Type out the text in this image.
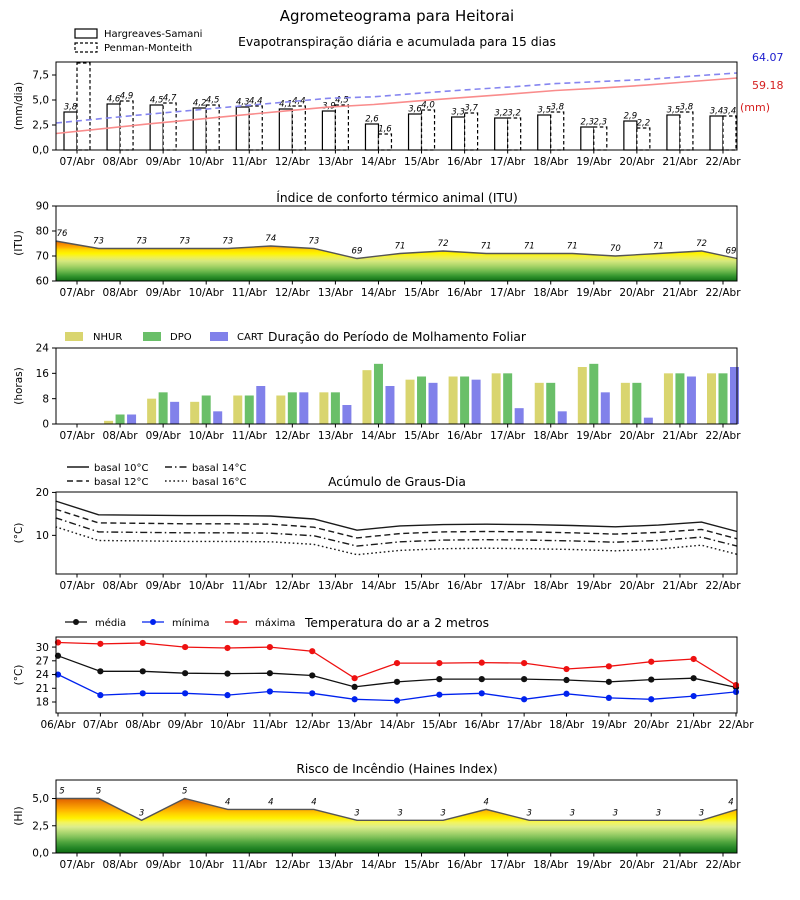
Agrometeograma para Heitorai
Evapotranspiração diária e acumulada para 15 dias
Índice de conforto térmico animal (ITU)
Duração do Período de Molhamento Foliar
Acúmulo de Graus-Dia
Temperatura do ar a 2 metros
Risco de Incêndio (Haines Index)
(mm/dia)
(ITU)
(horas)
(°C)
(°C)
(HI)
64.07
59.18
(mm)
3,8
4,6	4,5	4,2	4,3	4,1	3,9
2,6
3,6	3,3	3,2	3,5
2,3
2,9
3,5	3,4
4,9	4,7	4,5	4,4	4,4	4,5
1,6
4,0	3,7	3,2
3,8
2,3	2,2
3,8	3,4
07/Abr 08/Abr 09/Abr 10/Abr 11/Abr 12/Abr 13/Abr 14/Abr 15/Abr 16/Abr 17/Abr 18/Abr 19/Abr 20/Abr 21/Abr 22/Abr
0,0
2,5
5,0
7,5
76
73	73	73	73	74	73
69	71	72	71	71	71	70	71	72
69
07/Abr 08/Abr 09/Abr 10/Abr 11/Abr 12/Abr 13/Abr 14/Abr 15/Abr 16/Abr 17/Abr 18/Abr 19/Abr 20/Abr 21/Abr 22/Abr
60
70
80
90
07/Abr 08/Abr 09/Abr 10/Abr 11/Abr 12/Abr 13/Abr 14/Abr 15/Abr 16/Abr 17/Abr 18/Abr 19/Abr 20/Abr 21/Abr 22/Abr
0
8
16
24
07/Abr 08/Abr 09/Abr 10/Abr 11/Abr 12/Abr 13/Abr 14/Abr 15/Abr 16/Abr 17/Abr 18/Abr 19/Abr 20/Abr 21/Abr 22/Abr
10
20
06/Abr 07/Abr 08/Abr 09/Abr 10/Abr 11/Abr 12/Abr 13/Abr 14/Abr 15/Abr 16/Abr 17/Abr 18/Abr 19/Abr 20/Abr 21/Abr 22/Abr
18
21
24
27
30
5	5
3
5
4	4	4
3	3	3
4
3	3	3	3	3
4
07/Abr 08/Abr 09/Abr 10/Abr 11/Abr 12/Abr 13/Abr 14/Abr 15/Abr 16/Abr 17/Abr 18/Abr 19/Abr 20/Abr 21/Abr 22/Abr
0,0
2,5
5,0
Hargreaves-Samani
Penman-Monteith
NHUR	DPO	CART
basal 10°C	basal 14°C
basal 12°C	basal 16°C
média	mínima	máxima
